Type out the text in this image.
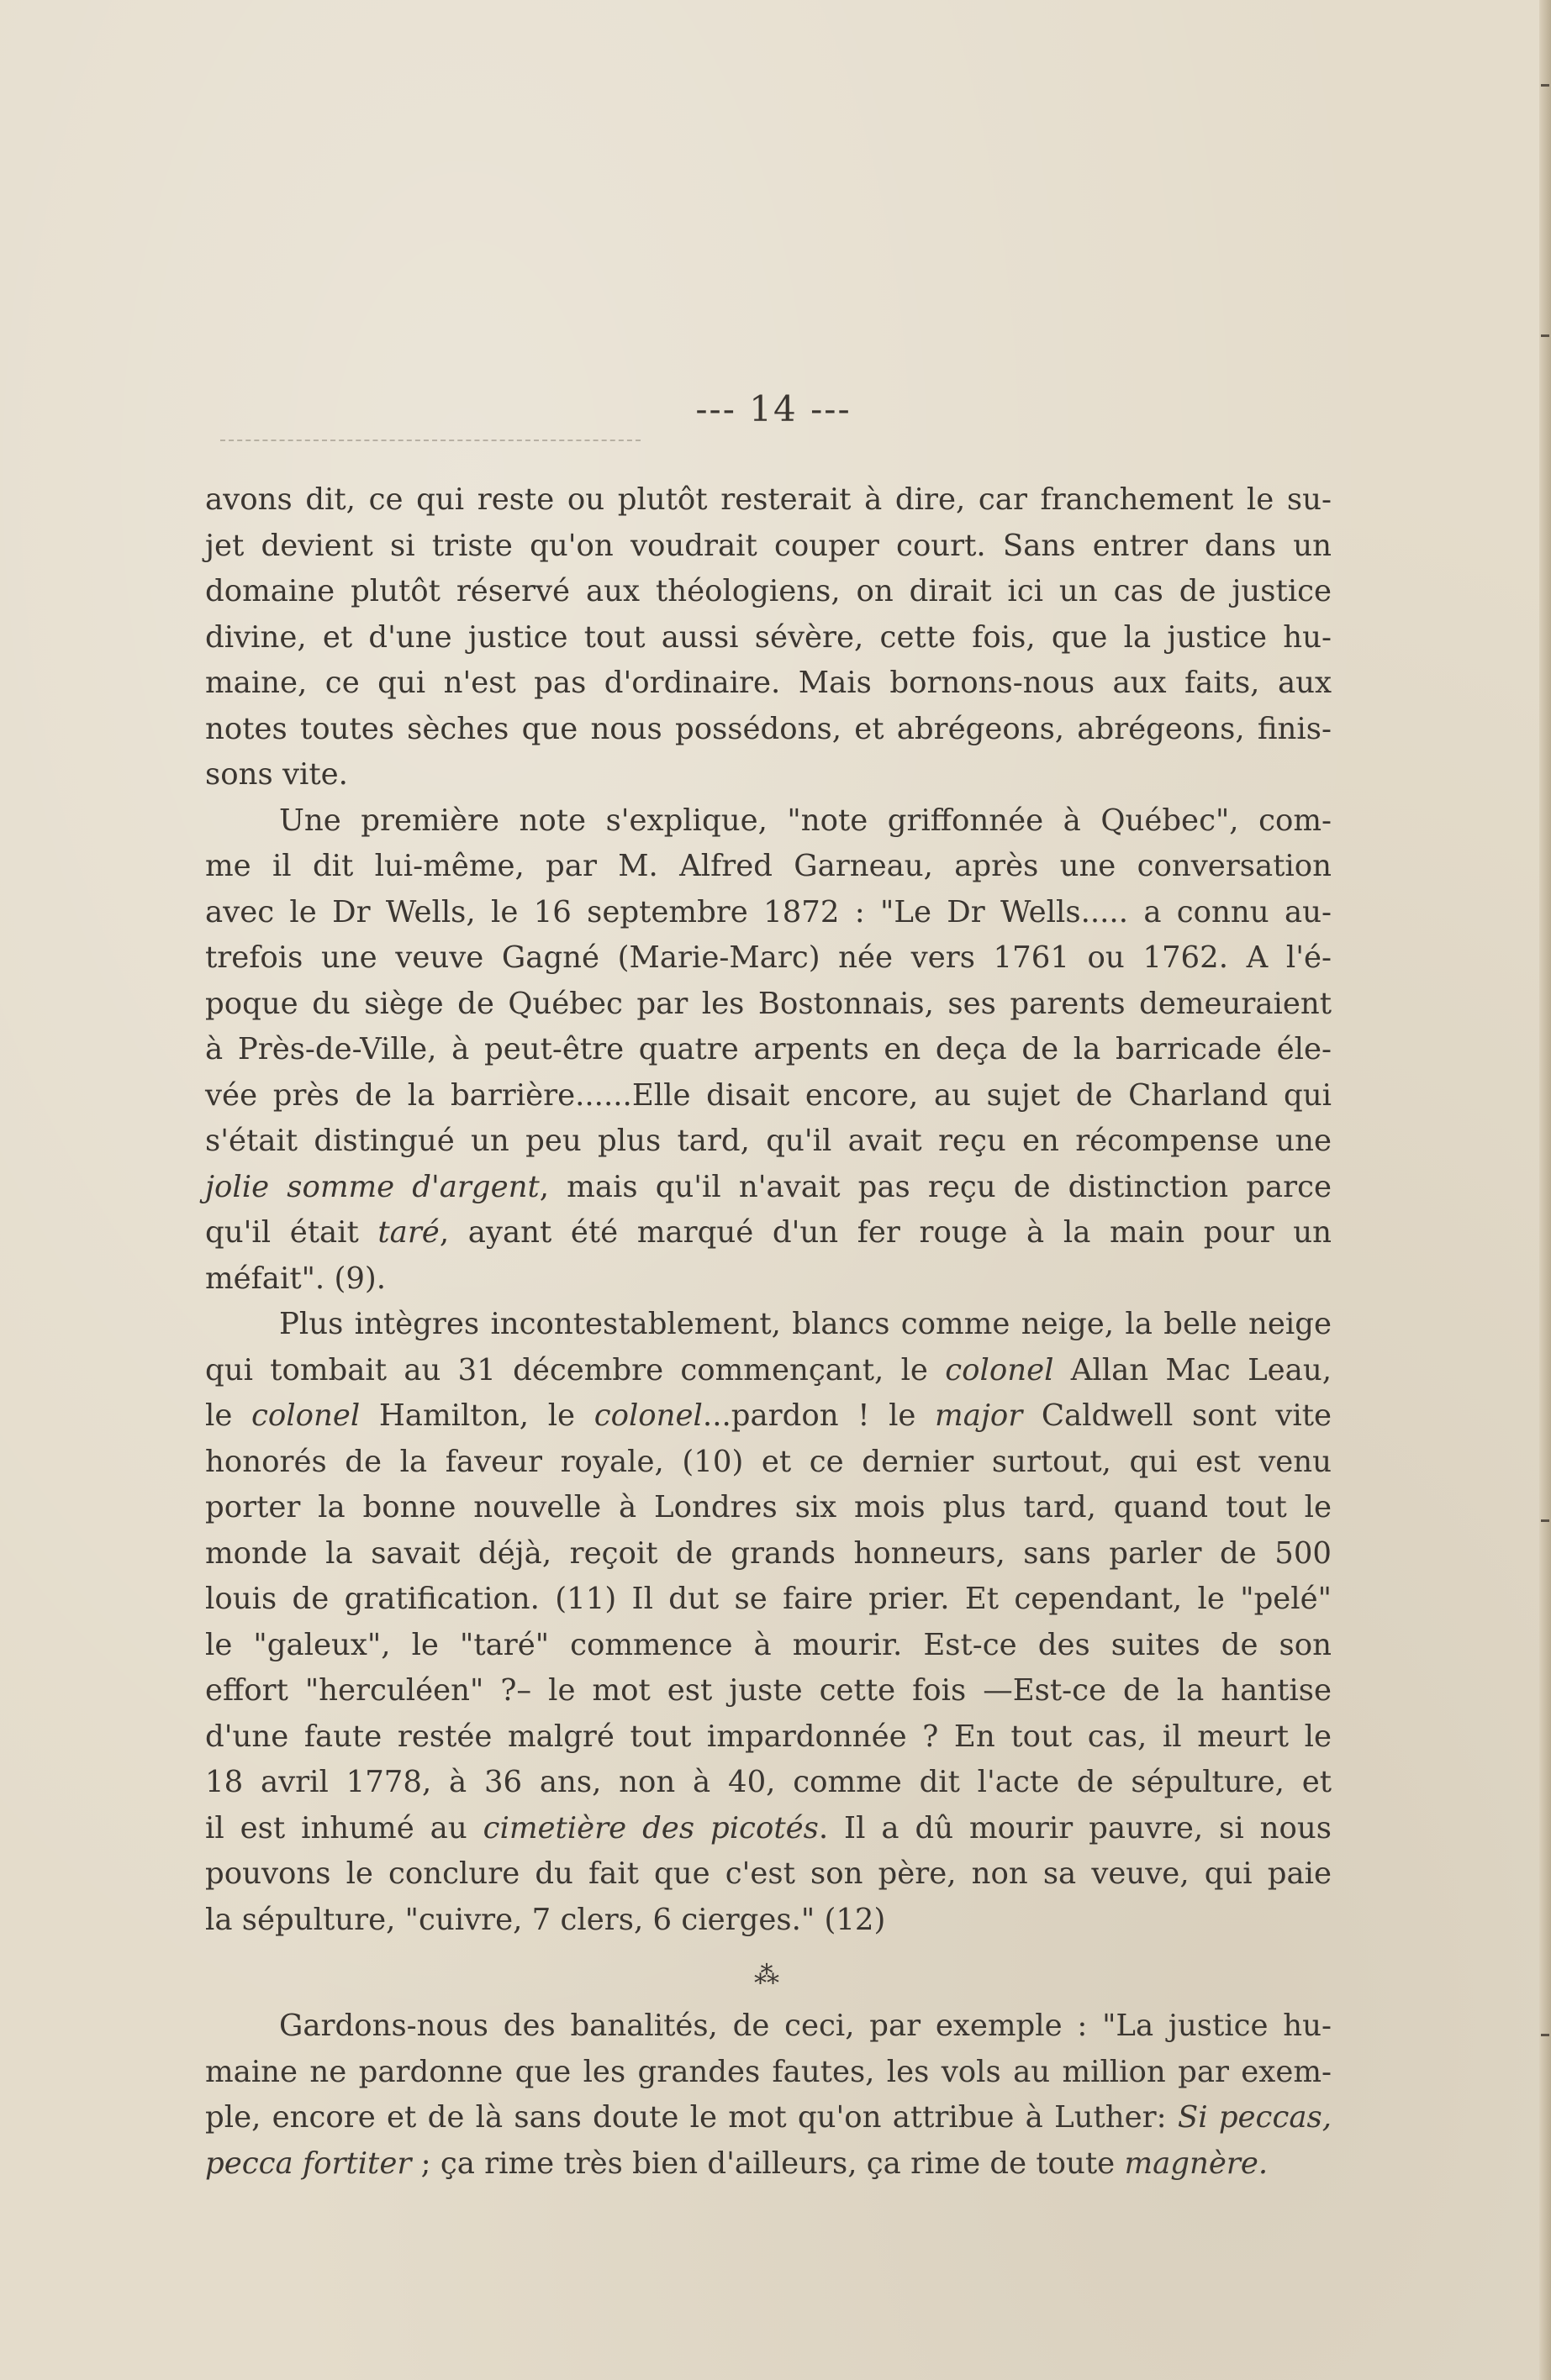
--- 14 ---
avons dit, ce qui reste ou plutôt resterait à dire, car franchement le su-
jet devient si triste qu'on voudrait couper court. Sans entrer dans un
domaine plutôt réservé aux théologiens, on dirait ici un cas de justice
divine, et d'une justice tout aussi sévère, cette fois, que la justice hu-
maine, ce qui n'est pas d'ordinaire. Mais bornons-nous aux faits, aux
notes toutes sèches que nous possédons, et abrégeons, abrégeons, finis-
sons vite.
Une première note s'explique, "note griffonnée à Québec", com-
me il dit lui-même, par M. Alfred Garneau, après une conversation
avec le Dr Wells, le 16 septembre 1872 : "Le Dr Wells..... a connu au-
trefois une veuve Gagné (Marie-Marc) née vers 1761 ou 1762. A l'é-
poque du siège de Québec par les Bostonnais, ses parents demeuraient
à Près-de-Ville, à peut-être quatre arpents en deça de la barricade éle-
vée près de la barrière......Elle disait encore, au sujet de Charland qui
s'était distingué un peu plus tard, qu'il avait reçu en récompense une
jolie somme d'argent, mais qu'il n'avait pas reçu de distinction parce
qu'il était taré, ayant été marqué d'un fer rouge à la main pour un
méfait". (9).
Plus intègres incontestablement, blancs comme neige, la belle neige
qui tombait au 31 décembre commençant, le colonel Allan Mac Leau,
le colonel Hamilton, le colonel...pardon ! le major Caldwell sont vite
honorés de la faveur royale, (10) et ce dernier surtout, qui est venu
porter la bonne nouvelle à Londres six mois plus tard, quand tout le
monde la savait déjà, reçoit de grands honneurs, sans parler de 500
louis de gratification. (11) Il dut se faire prier. Et cependant, le "pelé"
le "galeux", le "taré" commence à mourir. Est-ce des suites de son
effort "herculéen" ?– le mot est juste cette fois —Est-ce de la hantise
d'une faute restée malgré tout impardonnée ? En tout cas, il meurt le
18 avril 1778, à 36 ans, non à 40, comme dit l'acte de sépulture, et
il est inhumé au cimetière des picotés. Il a dû mourir pauvre, si nous
pouvons le conclure du fait que c'est son père, non sa veuve, qui paie
la sépulture, "cuivre, 7 clers, 6 cierges." (12)
⁂
Gardons-nous des banalités, de ceci, par exemple : "La justice hu-
maine ne pardonne que les grandes fautes, les vols au million par exem-
ple, encore et de là sans doute le mot qu'on attribue à Luther: Si peccas,
pecca fortiter ; ça rime très bien d'ailleurs, ça rime de toute magnère.
